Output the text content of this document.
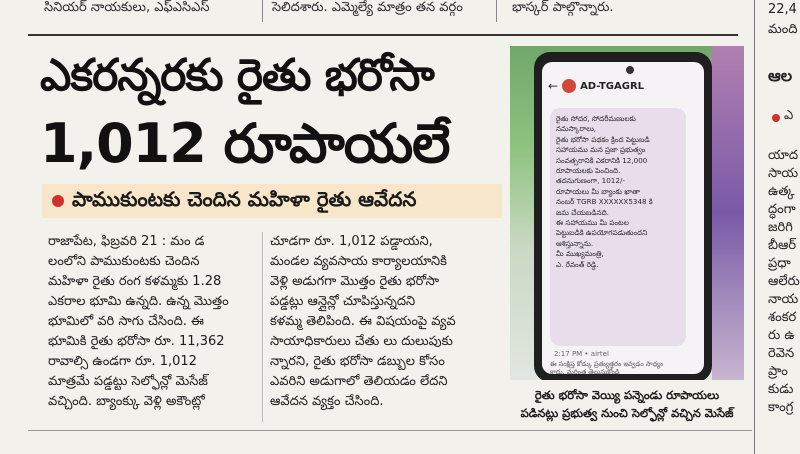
సినియర్ నాయకులు, ఎఫ్ఎసిఎస్	సెలిదశారు. ఎమ్మెల్యే మాత్రం తన వర్గం	భాస్కర్ పాల్గొన్నారు.
ఎకరన్నరకు రైతు భరోసా
1,012 రూపాయలే
పాముకుంటకు చెందిన మహిళా రైతు ఆవేదన

రాజాపేట, ఫిబ్రవరి 21 : మం డ

లంలోని పాముకుంటకు చెందిన

మహిళా రైతు రంగ కళమ్మకు 1.28

ఎకరాల భూమి ఉన్నది. ఉన్న మొత్తం

భూమిలో వరి సాగు చేసింది. ఈ

భూమికి రైతు భరోసా రూ. 11,362

రావాల్సి ఉండగా రూ. 1,012

మాత్రమే పడ్డట్టు సెల్ఫోన్లో మెసేజ్

వచ్చింది. బ్యాంక్కు వెళ్లి అకౌంట్లో

చూడగా రూ. 1,012 పడ్డాయని,

మండల వ్యవసాయ కార్యాలయానికి

వెళ్లి అడుగగా మొత్తం రైతు భరోసా

పడ్డట్లు ఆన్లైన్లో చూపిస్తున్నదని

కళమ్మ తెలిపింది. ఈ విషయంపై వ్యవ

సాయాధికారులు చేతు లు దులుపుకు

న్నారని, రైతు భరోసా డబ్బుల కోసం

ఎవరిని అడుగాలో తెలియడం లేదని

ఆవేదన వ్యక్తం చేసింది.

← AD-TGAGRL

రైతు సోదర, సోదరీమణులకు

నమస్కారాలు,

రైతు భరోసా పథకం క్రింద పెట్టుబడి

సహాయము మన ప్రజా ప్రభుత్వం

సంవత్సరానికి ఎకరానికి 12,000

రూపాయలకు పెంచింది.

తదనుగుణంగా, 1012/-

రూపాయలు మీ బ్యాంకు ఖాతా

నంబర్ TGRB XXXXXX5348 కి

జమ చేయబడినది.

ఈ సహాయము మీ పంటల

పెట్టుబడికి ఉపయోగపడుతుందని

ఆశిస్తున్నాను.

మీ ముఖ్యమంత్రి,

ఎ. రేవంత్ రెడ్డి.

2:17 PM • airtel
ఈ సంక్షిప్త కోడ్కు ప్రత్యుత్తరం ఇవ్వడం సాధ్యం
కాదు. మరింత తెలుసుకోండి

రైతు భరోసా వెయ్యి పన్నెండు రూపాయలు

పడినట్లు ప్రభుత్వ నుంచి సెల్ఫోన్లో వచ్చిన మెసేజ్

22,4
మంది
ఆల
ఎ
యాద
సాయ
ఉత్క
ద్ధంగా
జరిగి
బీఆర్
ప్రధా
ఆలేరు
నాయ
శంకర
రు ఉ
రెవెన
ప్రాం
కుడు
కాంగ్ర
